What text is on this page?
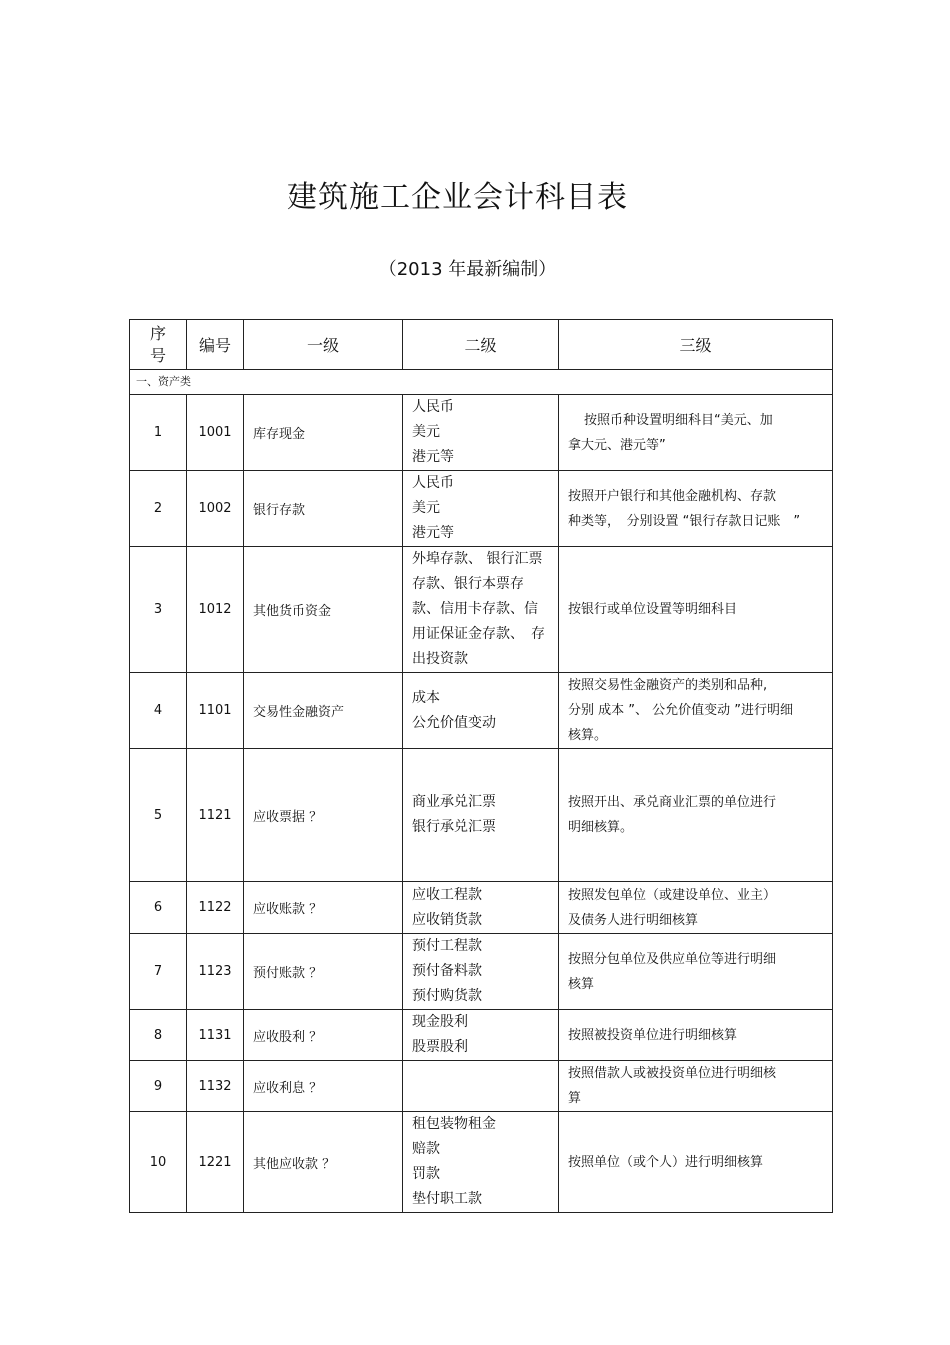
建筑施工企业会计科目表
（2013 年最新编制）
序
号	编号	一级	二级	三级
一、资产类				
1	1001	库存现金	人民币
美元
港元等	按照币种设置明细科目“美元、加
拿大元、港元等”

2	1002	银行存款	人民币
美元
港元等	按照开户银行和其他金融机构、存款
种类等，　分别设置 “银行存款日记账　”

3	1012	其他货币资金	外埠存款、 银行汇票
存款、银行本票存
款、信用卡存款、信
用证保证金存款、　存
出投资款	按银行或单位设置等明细科目

4	1101	交易性金融资产	成本
公允价值变动	按照交易性金融资产的类别和品种,
分别 成本 ”、 公允价值变动 ”进行明细
核算。

5	1121	应收票据 ？	商业承兑汇票
银行承兑汇票	按照开出、承兑商业汇票的单位进行
明细核算。

6	1122	应收账款 ？	应收工程款
应收销货款	按照发包单位（或建设单位、业主）
及债务人进行明细核算

7	1123	预付账款 ？	预付工程款
预付备料款
预付购货款	按照分包单位及供应单位等进行明细
核算

8	1131	应收股利 ？	现金股利
股票股利	按照被投资单位进行明细核算

9	1132	应收利息 ？		按照借款人或被投资单位进行明细核
算

10	1221	其他应收款 ？	租包装物租金
赔款
罚款
垫付职工款	按照单位（或个人）进行明细核算
